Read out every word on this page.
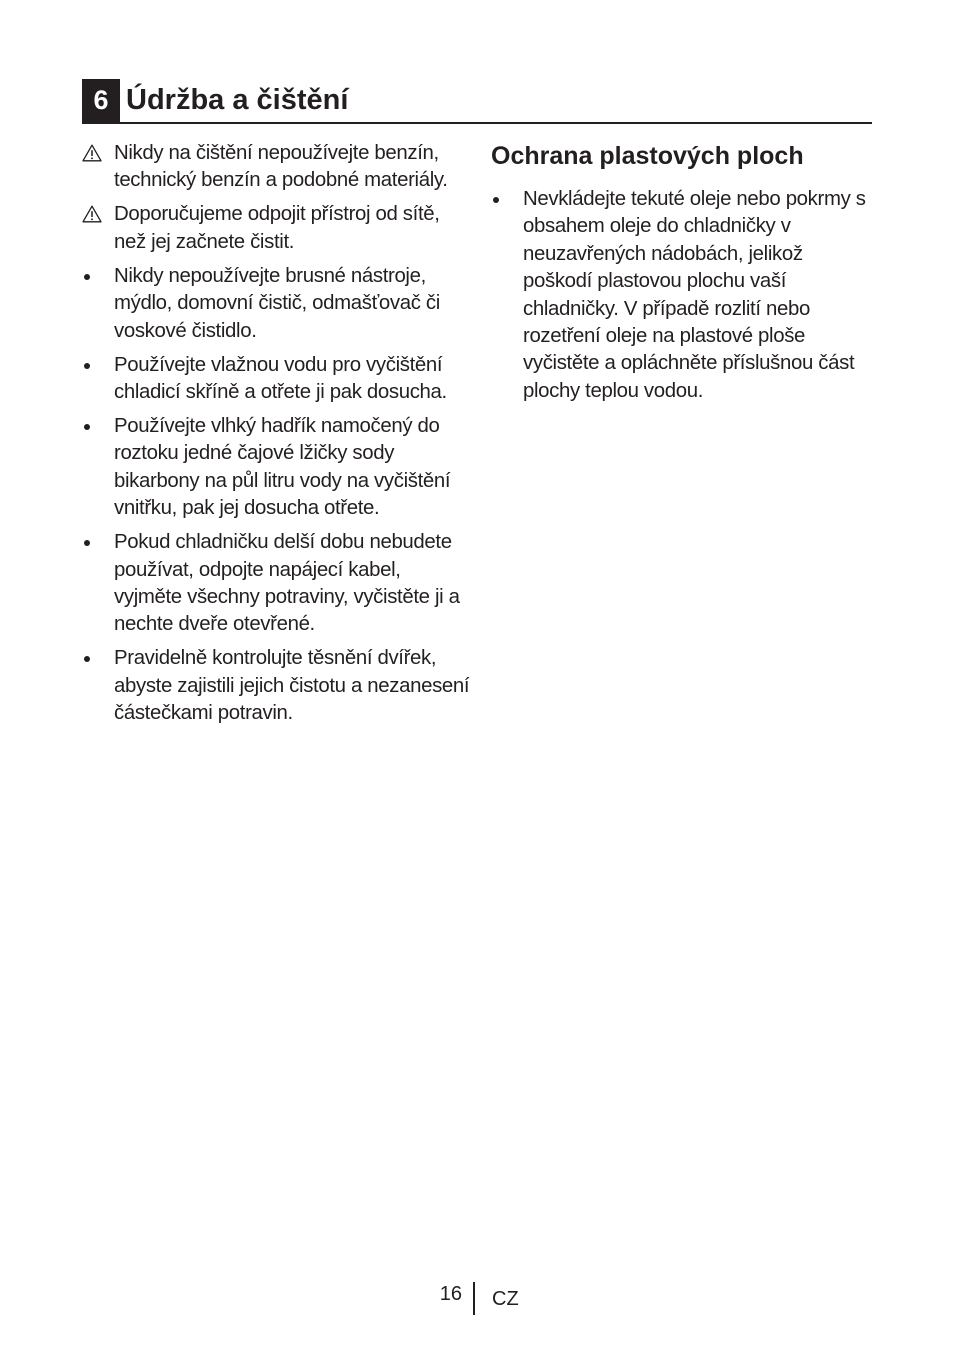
6 Údržba a čištění
Nikdy na čištění nepoužívejte benzín, technický benzín a podobné materiály.
Doporučujeme odpojit přístroj od sítě, než jej začnete čistit.
Nikdy nepoužívejte brusné nástroje, mýdlo, domovní čistič, odmašťovač či voskové čistidlo.
Používejte vlažnou vodu pro vyčištění chladicí skříně a otřete ji pak dosucha.
Používejte vlhký hadřík namočený do roztoku jedné čajové lžičky sody bikarbony na půl litru vody na vyčištění vnitřku, pak jej dosucha otřete.
Pokud chladničku delší dobu nebudete používat, odpojte napájecí kabel, vyjměte všechny potraviny, vyčistěte ji a nechte dveře otevřené.
Pravidelně kontrolujte těsnění dvířek, abyste zajistili jejich čistotu a nezanesení částečkami potravin.
Ochrana plastových ploch
Nevkládejte tekuté oleje nebo pokrmy s obsahem oleje do chladničky v neuzavřených nádobách, jelikož poškodí plastovou plochu vaší chladničky. V případě rozlití nebo rozetření oleje na plastové ploše vyčistěte a opláchněte příslušnou část plochy teplou vodou.
16 CZ
